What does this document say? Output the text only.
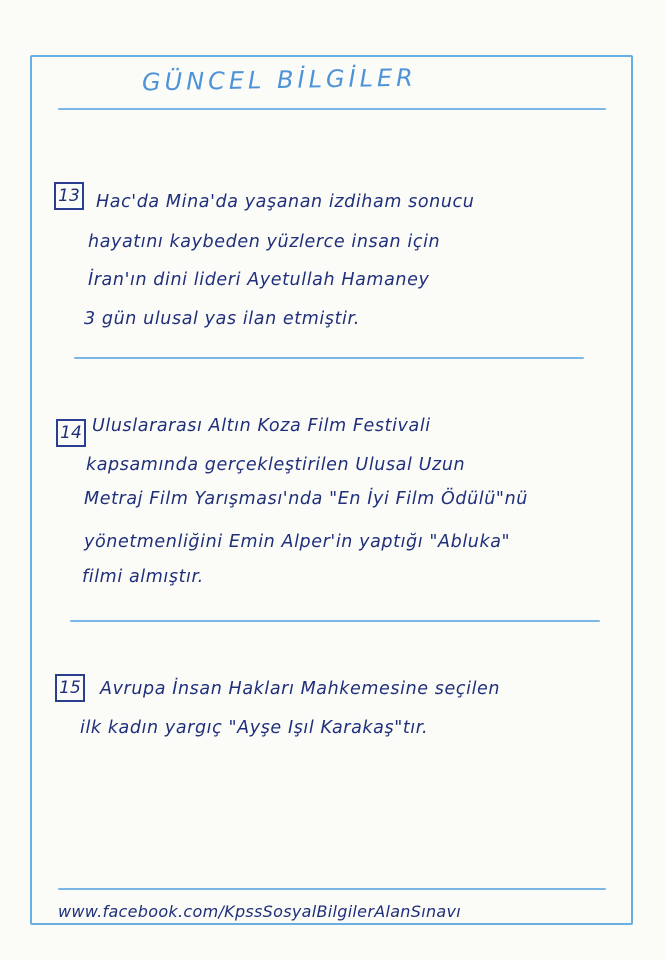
GÜNCEL BİLGİLER
13 Hac'da Mina'da yaşanan izdiham sonucu
hayatını kaybeden yüzlerce insan için
İran'ın dini lideri Ayetullah Hamaney
3 gün ulusal yas ilan etmiştir.
14 Uluslararası Altın Koza Film Festivali
kapsamında gerçekleştirilen Ulusal Uzun
Metraj Film Yarışması'nda "En İyi Film Ödülü"nü
yönetmenliğini Emin Alper'in yaptığı "Abluka"
filmi almıştır.
15 Avrupa İnsan Hakları Mahkemesine seçilen
ilk kadın yargıç "Ayşe Işıl Karakaş"tır.
www.facebook.com/KpssSosyalBilgilerAlanSınavı
